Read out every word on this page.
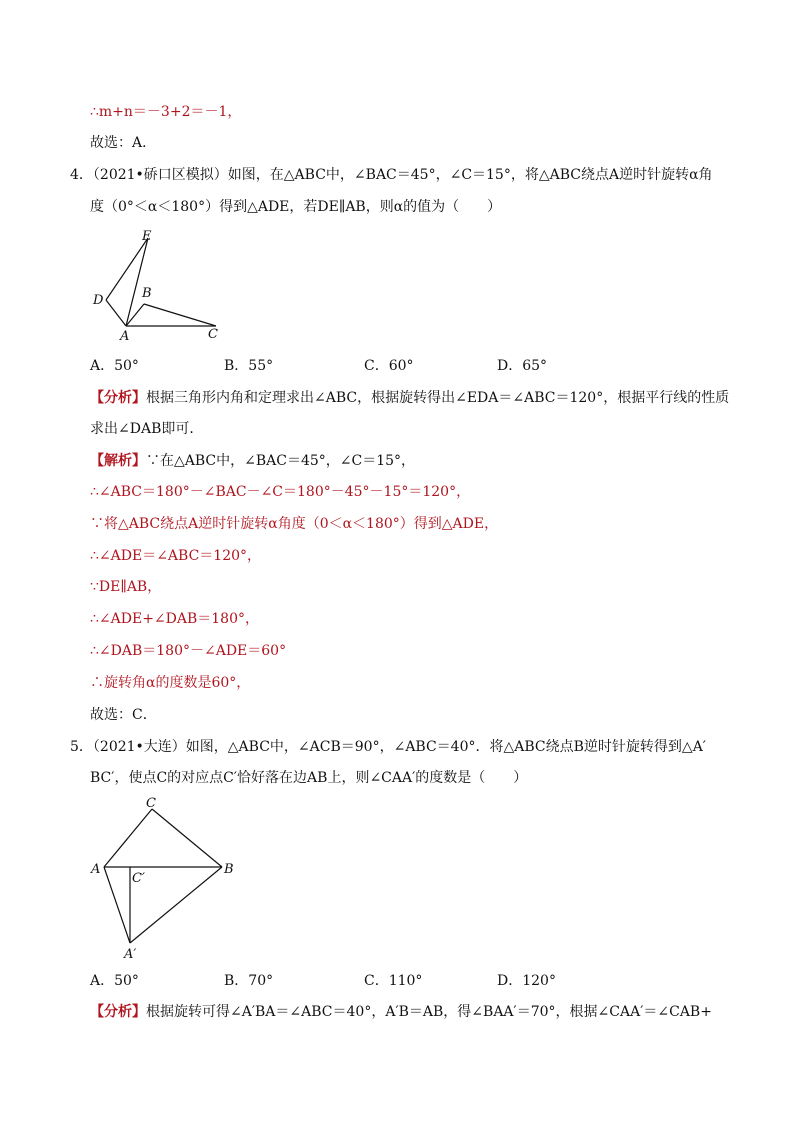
∴m+n＝－3+2＝－1，
故选：A．
4．（2021•硚口区模拟）如图，在△ABC中，∠BAC＝45°，∠C＝15°，将△ABC绕点A逆时针旋转α角
度（0°＜α＜180°）得到△ADE，若DE∥AB，则α的值为（　　）
E
D	B
A	C
A．50°	B．55°	C．60°	D．65°
【分析】根据三角形内角和定理求出∠ABC，根据旋转得出∠EDA＝∠ABC＝120°，根据平行线的性质
求出∠DAB即可．
【解析】∵在△ABC中，∠BAC＝45°，∠C＝15°，
∴∠ABC＝180°－∠BAC－∠C＝180°－45°－15°＝120°，
∵将△ABC绕点A逆时针旋转α角度（0＜α＜180°）得到△ADE，
∴∠ADE＝∠ABC＝120°，
∵DE∥AB，
∴∠ADE+∠DAB＝180°，
∴∠DAB＝180°－∠ADE＝60°
∴旋转角α的度数是60°，
故选：C．
5．（2021•大连）如图，△ABC中，∠ACB＝90°，∠ABC＝40°．将△ABC绕点B逆时针旋转得到△A′
BC′，使点C的对应点C′恰好落在边AB上，则∠CAA′的度数是（　　）
C
A
C′
B
A′
A．50°	B．70°	C．110°	D．120°
【分析】根据旋转可得∠A′BA＝∠ABC＝40°，A′B＝AB，得∠BAA′＝70°，根据∠CAA′＝∠CAB+
